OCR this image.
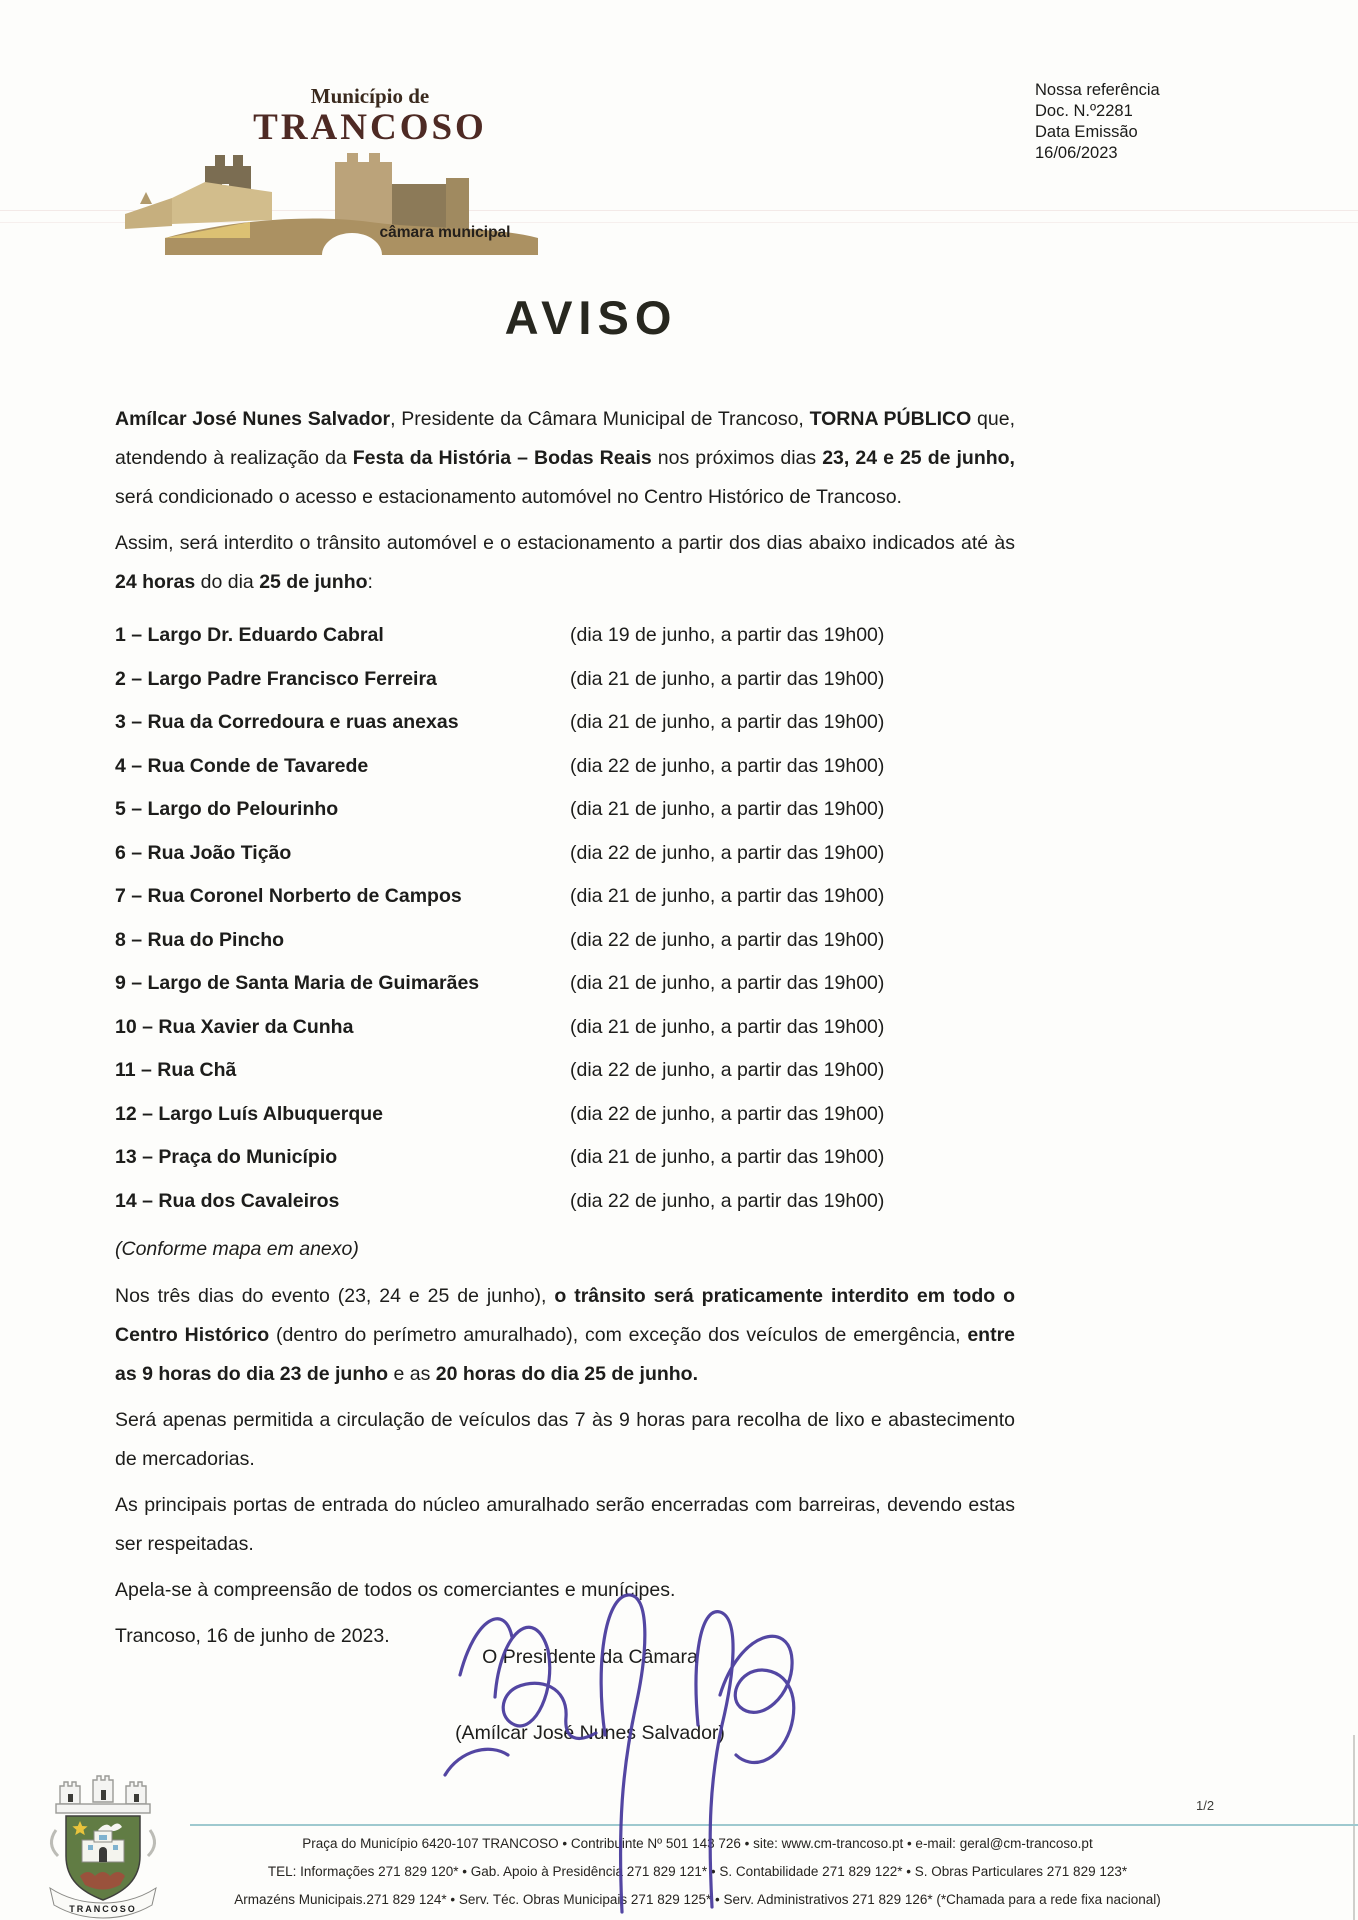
Município de
TRANCOSO
câmara municipal
Nossa referência
Doc. N.º2281
Data Emissão
16/06/2023
AVISO

Amílcar José Nunes Salvador, Presidente da Câmara Municipal de Trancoso, TORNA PÚBLICO que, atendendo à realização da Festa da História – Bodas Reais nos próximos dias 23, 24 e 25 de junho, será condicionado o acesso e estacionamento automóvel no Centro Histórico de Trancoso.

Assim, será interdito o trânsito automóvel e o estacionamento a partir dos dias abaixo indicados até às 24 horas do dia 25 de junho:

1 – Largo Dr. Eduardo Cabral	(dia 19 de junho, a partir das 19h00)
2 – Largo Padre Francisco Ferreira	(dia 21 de junho, a partir das 19h00)
3 – Rua da Corredoura e ruas anexas	(dia 21 de junho, a partir das 19h00)
4 – Rua Conde de Tavarede	(dia 22 de junho, a partir das 19h00)
5 – Largo do Pelourinho	(dia 21 de junho, a partir das 19h00)
6 – Rua João Tição	(dia 22 de junho, a partir das 19h00)
7 – Rua Coronel Norberto de Campos	(dia 21 de junho, a partir das 19h00)
8 – Rua do Pincho	(dia 22 de junho, a partir das 19h00)
9 – Largo de Santa Maria de Guimarães	(dia 21 de junho, a partir das 19h00)
10 – Rua Xavier da Cunha	(dia 21 de junho, a partir das 19h00)
11 – Rua Chã	(dia 22 de junho, a partir das 19h00)
12 – Largo Luís Albuquerque	(dia 22 de junho, a partir das 19h00)
13 – Praça do Município	(dia 21 de junho, a partir das 19h00)
14 – Rua dos Cavaleiros	(dia 22 de junho, a partir das 19h00)
(Conforme mapa em anexo)

Nos três dias do evento (23, 24 e 25 de junho), o trânsito será praticamente interdito em todo o Centro Histórico (dentro do perímetro amuralhado), com exceção dos veículos de emergência, entre as 9 horas do dia 23 de junho e as 20 horas do dia 25 de junho.

Será apenas permitida a circulação de veículos das 7 às 9 horas para recolha de lixo e abastecimento de mercadorias.

As principais portas de entrada do núcleo amuralhado serão encerradas com barreiras, devendo estas ser respeitadas.

Apela-se à compreensão de todos os comerciantes e munícipes.

Trancoso, 16 de junho de 2023.

O Presidente da Câmara
(Amílcar José Nunes Salvador)
1/2
Praça do Município 6420-107 TRANCOSO • Contribuinte Nº 501 143 726 • site: www.cm-trancoso.pt • e-mail: geral@cm-trancoso.pt
TEL: Informações 271 829 120* • Gab. Apoio à Presidência 271 829 121* • S. Contabilidade 271 829 122* • S. Obras Particulares 271 829 123*
Armazéns Municipais.271 829 124* • Serv. Téc. Obras Municipais 271 829 125* • Serv. Administrativos 271 829 126* (*Chamada para a rede fixa nacional)
TRANCOSO
